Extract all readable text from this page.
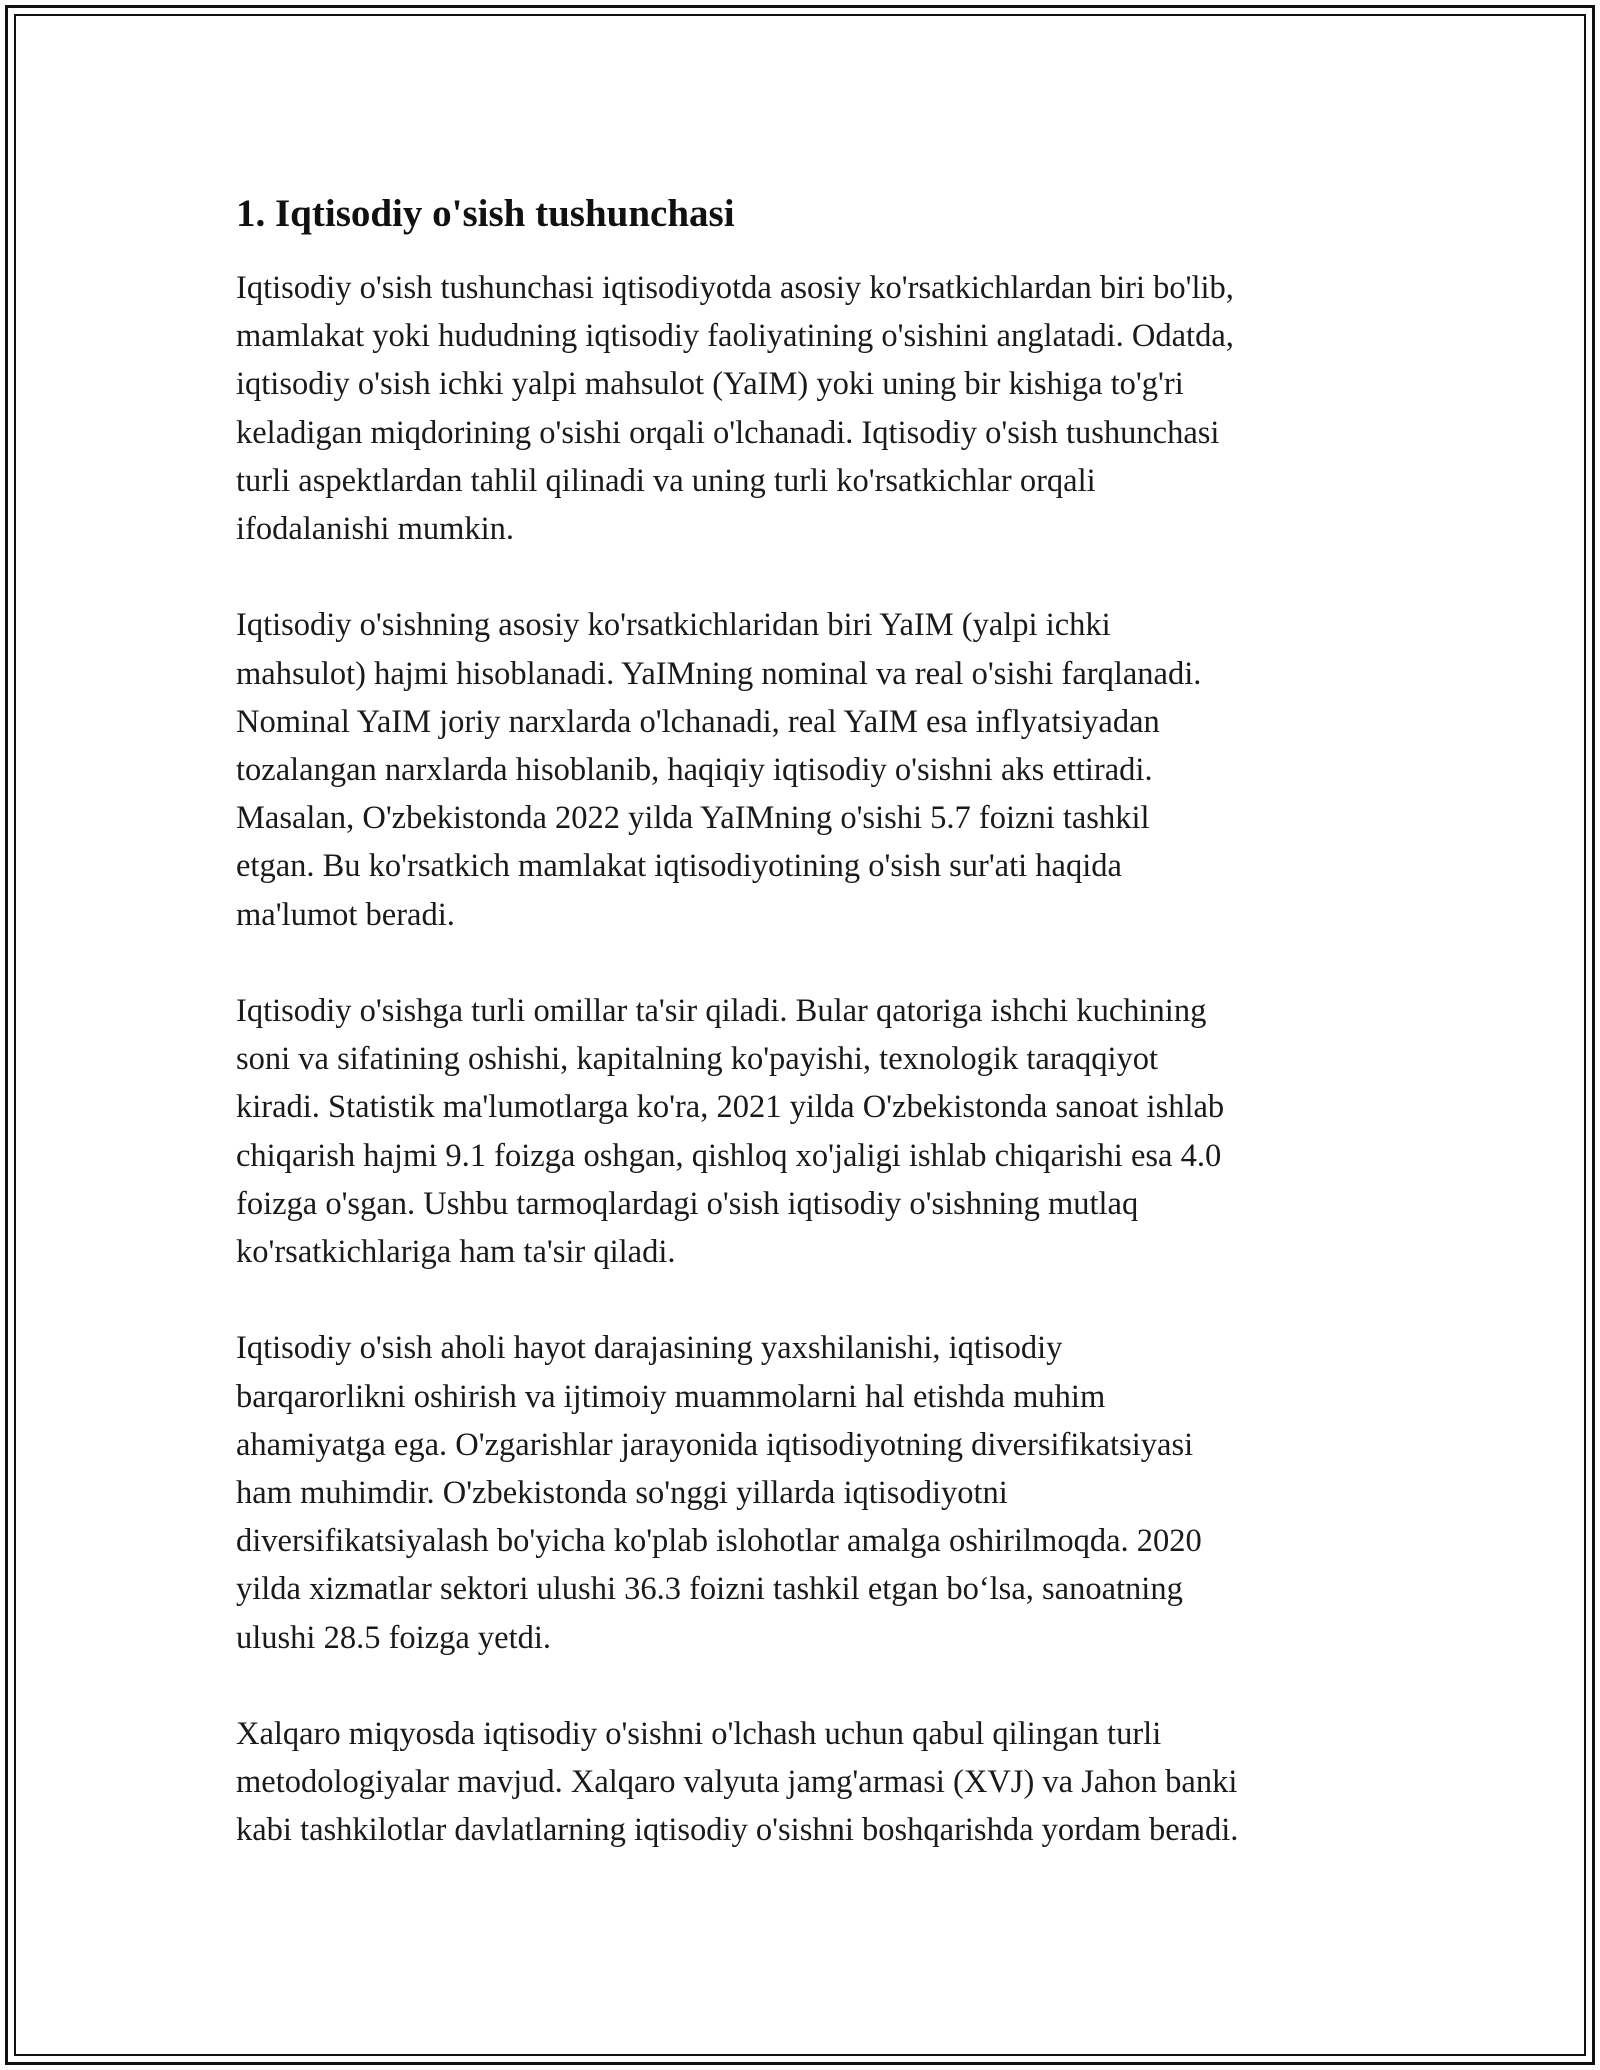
1. Iqtisodiy o'sish tushunchasi

Iqtisodiy o'sish tushunchasi iqtisodiyotda asosiy ko'rsatkichlardan biri bo'lib,
mamlakat yoki hududning iqtisodiy faoliyatining o'sishini anglatadi. Odatda,
iqtisodiy o'sish ichki yalpi mahsulot (YaIM) yoki uning bir kishiga to'g'ri
keladigan miqdorining o'sishi orqali o'lchanadi. Iqtisodiy o'sish tushunchasi
turli aspektlardan tahlil qilinadi va uning turli ko'rsatkichlar orqali
ifodalanishi mumkin.

Iqtisodiy o'sishning asosiy ko'rsatkichlaridan biri YaIM (yalpi ichki
mahsulot) hajmi hisoblanadi. YaIMning nominal va real o'sishi farqlanadi.
Nominal YaIM joriy narxlarda o'lchanadi, real YaIM esa inflyatsiyadan
tozalangan narxlarda hisoblanib, haqiqiy iqtisodiy o'sishni aks ettiradi.
Masalan, O'zbekistonda 2022 yilda YaIMning o'sishi 5.7 foizni tashkil
etgan. Bu ko'rsatkich mamlakat iqtisodiyotining o'sish sur'ati haqida
ma'lumot beradi.

Iqtisodiy o'sishga turli omillar ta'sir qiladi. Bular qatoriga ishchi kuchining
soni va sifatining oshishi, kapitalning ko'payishi, texnologik taraqqiyot
kiradi. Statistik ma'lumotlarga ko'ra, 2021 yilda O'zbekistonda sanoat ishlab
chiqarish hajmi 9.1 foizga oshgan, qishloq xo'jaligi ishlab chiqarishi esa 4.0
foizga o'sgan. Ushbu tarmoqlardagi o'sish iqtisodiy o'sishning mutlaq
ko'rsatkichlariga ham ta'sir qiladi.

Iqtisodiy o'sish aholi hayot darajasining yaxshilanishi, iqtisodiy
barqarorlikni oshirish va ijtimoiy muammolarni hal etishda muhim
ahamiyatga ega. O'zgarishlar jarayonida iqtisodiyotning diversifikatsiyasi
ham muhimdir. O'zbekistonda so'nggi yillarda iqtisodiyotni
diversifikatsiyalash bo'yicha ko'plab islohotlar amalga oshirilmoqda. 2020
yilda xizmatlar sektori ulushi 36.3 foizni tashkil etgan bo‘lsa, sanoatning
ulushi 28.5 foizga yetdi.

Xalqaro miqyosda iqtisodiy o'sishni o'lchash uchun qabul qilingan turli
metodologiyalar mavjud. Xalqaro valyuta jamg'armasi (XVJ) va Jahon banki
kabi tashkilotlar davlatlarning iqtisodiy o'sishni boshqarishda yordam beradi.
